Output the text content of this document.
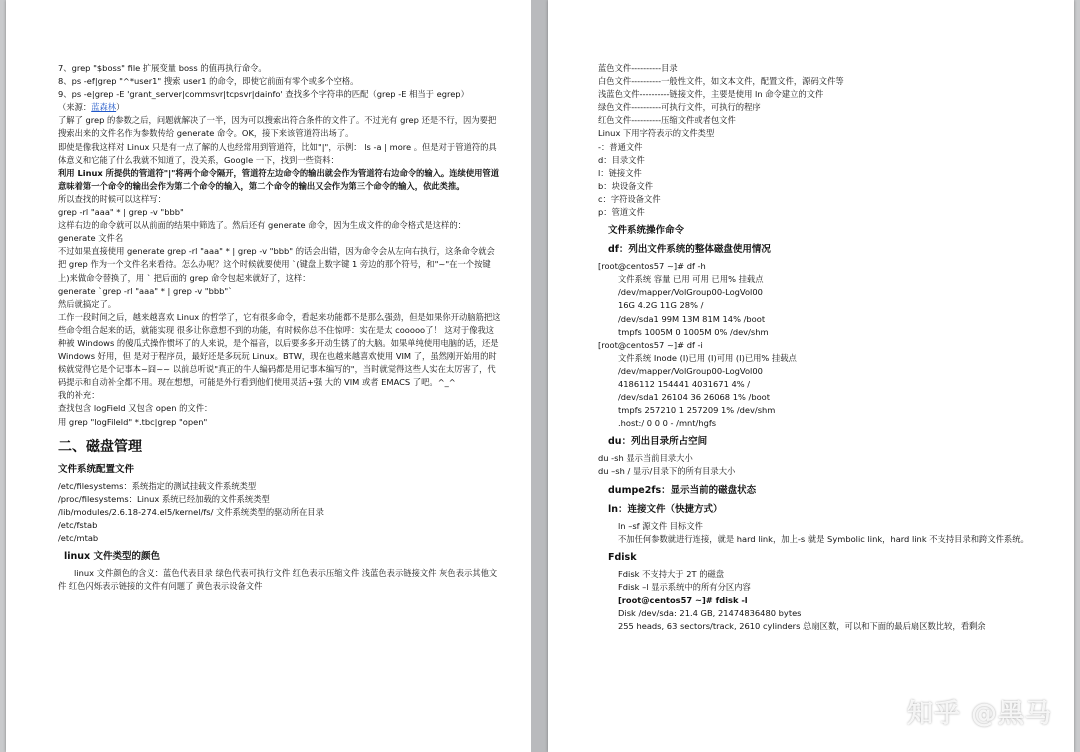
7、grep "$boss" file 扩展变量 boss 的值再执行命令。
8、ps -ef|grep "^*user1" 搜索 user1 的命令，即使它前面有零个或多个空格。
9、ps -e|grep -E 'grant_server|commsvr|tcpsvr|dainfo' 查找多个字符串的匹配（grep -E 相当于 egrep）
（来源：蓝森林）
了解了 grep 的参数之后，问题就解决了一半，因为可以搜索出符合条件的文件了。不过光有 grep 还是不行，因为要把搜索出来的文件名作为参数传给 generate 命令。OK，接下来该管道符出场了。
即使是像我这样对 Linux 只是有一点了解的人也经常用到管道符，比如"|"，示例： ls -a | more 。但是对于管道符的具体意义和它能了什么我就不知道了，没关系，Google 一下，找到一些资料：
利用 Linux 所提供的管道符"|"将两个命令隔开，管道符左边命令的输出就会作为管道符右边命令的输入。连续使用管道意味着第一个命令的输出会作为第二个命令的输入，第二个命令的输出又会作为第三个命令的输入，依此类推。
所以查找的时候可以这样写：
grep -rl "aaa" * | grep -v "bbb"
这样右边的命令就可以从前面的结果中筛选了。然后还有 generate 命令，因为生成文件的命令格式是这样的：
generate 文件名
不过如果直接使用 generate grep -rl "aaa" * | grep -v "bbb" 的话会出错，因为命令会从左向右执行，这条命令就会把 grep 作为一个文件名来看待。怎么办呢？这个时候就要使用 `(键盘上数字键 1 旁边的那个符号，和"~"在一个按键上)来做命令替换了，用 ` 把后面的 grep 命令包起来就好了，这样：
generate `grep -rl "aaa" * | grep -v "bbb"`
然后就搞定了。
工作一段时间之后，越来越喜欢 Linux 的哲学了，它有很多命令，看起来功能都不是那么强劲，但是如果你开动脑筋把这些命令组合起来的话，就能实现 很多让你意想不到的功能，有时候你总不住惊呼：实在是太 cooooo了！ 这对于像我这种被 Windows 的傻瓜式操作惯坏了的人来说，是个福音，以后要多多开动生锈了的大脑。如果单纯使用电脑的话，还是 Windows 好用，但 是对于程序员，最好还是多玩玩 Linux。BTW，现在也越来越喜欢使用 VIM 了，虽然刚开始用的时候就觉得它是个记事本~囧~~ 以前总听说"真正的牛人编码都是用记事本编写的"，当时就觉得这些人实在太厉害了，代码提示和自动补全都不用。现在想想，可能是外行看到他们使用灵活+强 大的 VIM 或者 EMACS 了吧。^_^
我的补充：
查找包含 logField 又包含 open 的文件：
用 grep "logFileld" *.tbc|grep "open"
二、磁盘管理
文件系统配置文件
/etc/filesystems：系统指定的测试挂载文件系统类型
/proc/filesystems：Linux 系统已经加载的文件系统类型
/lib/modules/2.6.18-274.el5/kernel/fs/ 文件系统类型的驱动所在目录
/etc/fstab
/etc/mtab
linux 文件类型的颜色
linux 文件颜色的含义：蓝色代表目录 绿色代表可执行文件 红色表示压缩文件 浅蓝色表示链接文件 灰色表示其他文件 红色闪烁表示链接的文件有问题了 黄色表示设备文件
蓝色文件----------目录
白色文件----------一般性文件，如文本文件，配置文件，源码文件等
浅蓝色文件----------链接文件，主要是使用 ln 命令建立的文件
绿色文件----------可执行文件，可执行的程序
红色文件----------压缩文件或者包文件
Linux 下用字符表示的文件类型
-：普通文件
d：目录文件
l：链接文件
b：块设备文件
c：字符设备文件
p：管道文件
文件系统操作命令
df：列出文件系统的整体磁盘使用情况
[root@centos57 ~]# df -h
文件系统 容量 已用 可用 已用% 挂载点
/dev/mapper/VolGroup00-LogVol00
16G 4.2G 11G 28% /
/dev/sda1 99M 13M 81M 14% /boot
tmpfs 1005M 0 1005M 0% /dev/shm
[root@centos57 ~]# df -i
文件系统 Inode (I)已用 (I)可用 (I)已用% 挂载点
/dev/mapper/VolGroup00-LogVol00
4186112 154441 4031671 4% /
/dev/sda1 26104 36 26068 1% /boot
tmpfs 257210 1 257209 1% /dev/shm
.host:/ 0 0 0 - /mnt/hgfs
du：列出目录所占空间
du -sh 显示当前目录大小
du –sh / 显示/目录下的所有目录大小
dumpe2fs：显示当前的磁盘状态
ln：连接文件（快捷方式）
ln –sf 源文件 目标文件
不加任何参数就进行连接，就是 hard link，加上-s 就是 Symbolic link，hard link 不支持目录和跨文件系统。
Fdisk
Fdisk 不支持大于 2T 的磁盘
Fdisk –l 显示系统中的所有分区内容
[root@centos57 ~]# fdisk -l
Disk /dev/sda: 21.4 GB, 21474836480 bytes
255 heads, 63 sectors/track, 2610 cylinders 总扇区数，可以和下面的最后扇区数比较，看剩余
知乎 @黑马
